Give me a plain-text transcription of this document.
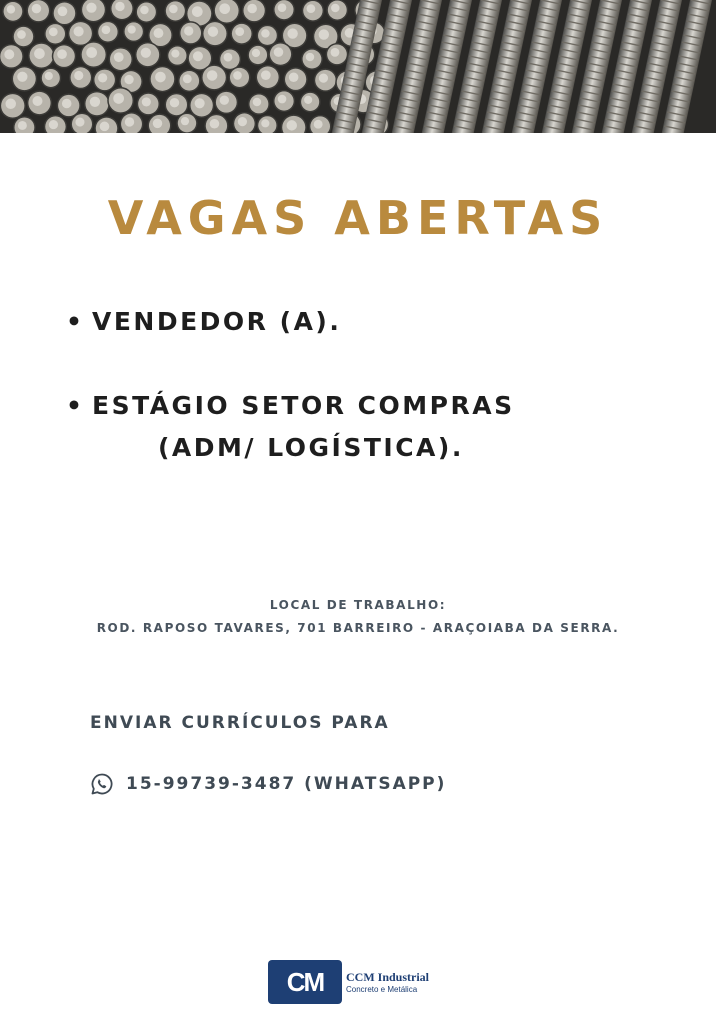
VAGAS ABERTAS
• VENDEDOR (A).
• ESTÁGIO SETOR COMPRAS
(ADM/ LOGÍSTICA).
LOCAL DE TRABALHO:
ROD. RAPOSO TAVARES, 701 BARREIRO - ARAÇOIABA DA SERRA.
ENVIAR CURRÍCULOS PARA
15-99739-3487 (WHATSAPP)
CM	CCM Industrial
Concreto e Metálica
